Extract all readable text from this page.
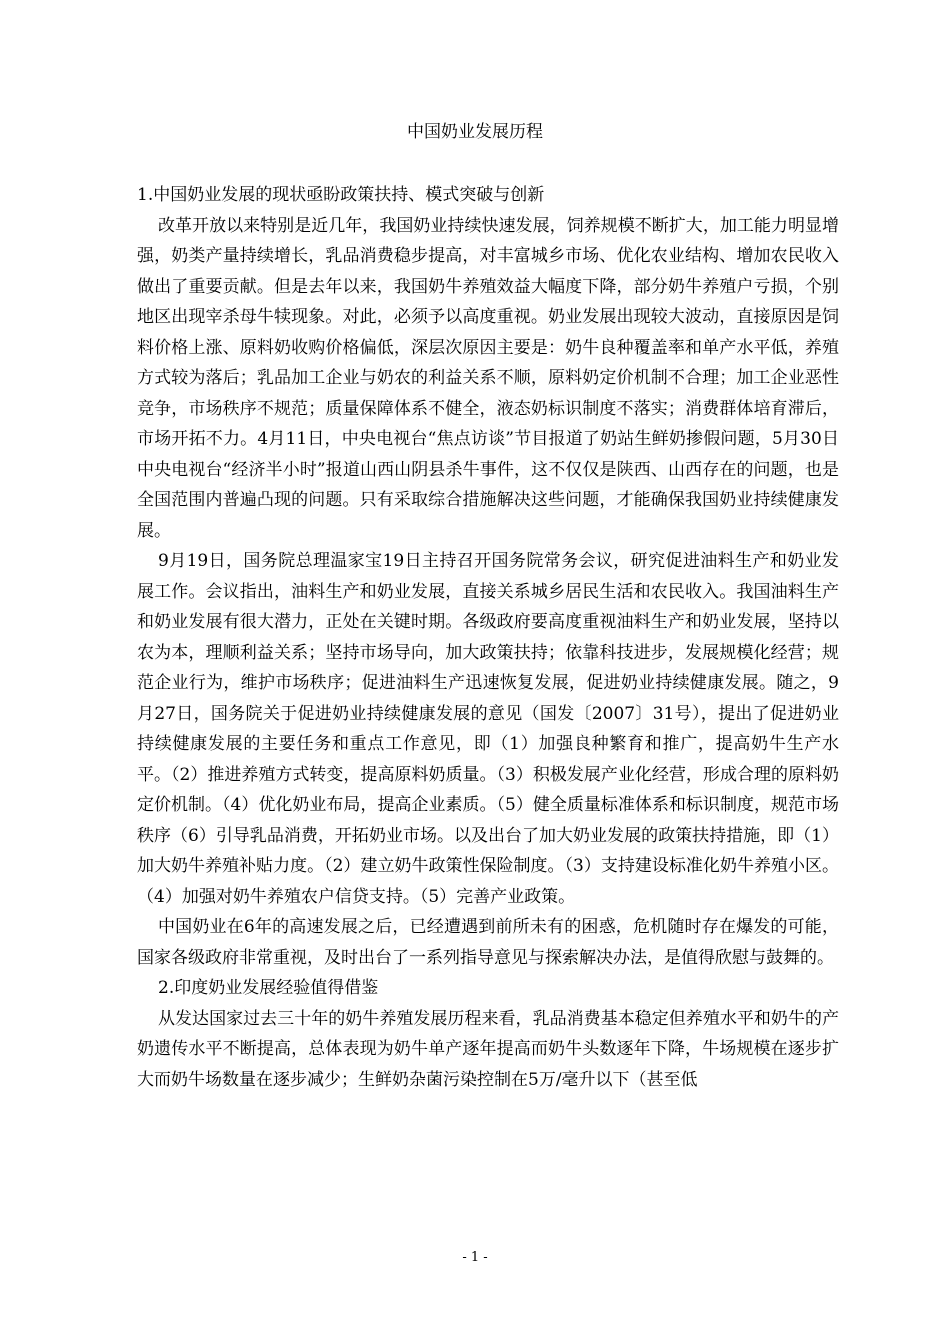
中国奶业发展历程

1.中国奶业发展的现状亟盼政策扶持、模式突破与创新

改革开放以来特别是近几年，我国奶业持续快速发展，饲养规模不断扩大，加工能力明显增强，奶类产量持续增长，乳品消费稳步提高，对丰富城乡市场、优化农业结构、增加农民收入做出了重要贡献。但是去年以来，我国奶牛养殖效益大幅度下降，部分奶牛养殖户亏损，个别地区出现宰杀母牛犊现象。对此，必须予以高度重视。奶业发展出现较大波动，直接原因是饲料价格上涨、原料奶收购价格偏低，深层次原因主要是：奶牛良种覆盖率和单产水平低，养殖方式较为落后；乳品加工企业与奶农的利益关系不顺，原料奶定价机制不合理；加工企业恶性竞争，市场秩序不规范；质量保障体系不健全，液态奶标识制度不落实；消费群体培育滞后，市场开拓不力。4月11日，中央电视台“焦点访谈”节目报道了奶站生鲜奶掺假问题，5月30日中央电视台“经济半小时”报道山西山阴县杀牛事件，这不仅仅是陕西、山西存在的问题，也是全国范围内普遍凸现的问题。只有采取综合措施解决这些问题，才能确保我国奶业持续健康发展。

9月19日，国务院总理温家宝19日主持召开国务院常务会议，研究促进油料生产和奶业发展工作。会议指出，油料生产和奶业发展，直接关系城乡居民生活和农民收入。我国油料生产和奶业发展有很大潜力，正处在关键时期。各级政府要高度重视油料生产和奶业发展，坚持以农为本，理顺利益关系；坚持市场导向，加大政策扶持；依靠科技进步，发展规模化经营；规范企业行为，维护市场秩序；促进油料生产迅速恢复发展，促进奶业持续健康发展。随之，9月27日，国务院关于促进奶业持续健康发展的意见（国发〔2007〕31号），提出了促进奶业持续健康发展的主要任务和重点工作意见，即（1）加强良种繁育和推广，提高奶牛生产水平。（2）推进养殖方式转变，提高原料奶质量。（3）积极发展产业化经营，形成合理的原料奶定价机制。（4）优化奶业布局，提高企业素质。（5）健全质量标准体系和标识制度，规范市场秩序（6）引导乳品消费，开拓奶业市场。以及出台了加大奶业发展的政策扶持措施，即（1）加大奶牛养殖补贴力度。（2）建立奶牛政策性保险制度。（3）支持建设标准化奶牛养殖小区。（4）加强对奶牛养殖农户信贷支持。（5）完善产业政策。

中国奶业在6年的高速发展之后，已经遭遇到前所未有的困惑，危机随时存在爆发的可能，国家各级政府非常重视，及时出台了一系列指导意见与探索解决办法，是值得欣慰与鼓舞的。

2.印度奶业发展经验值得借鉴

从发达国家过去三十年的奶牛养殖发展历程来看，乳品消费基本稳定但养殖水平和奶牛的产奶遗传水平不断提高，总体表现为奶牛单产逐年提高而奶牛头数逐年下降，牛场规模在逐步扩大而奶牛场数量在逐步减少；生鲜奶杂菌污染控制在5万/毫升以下（甚至低

- 1 -
